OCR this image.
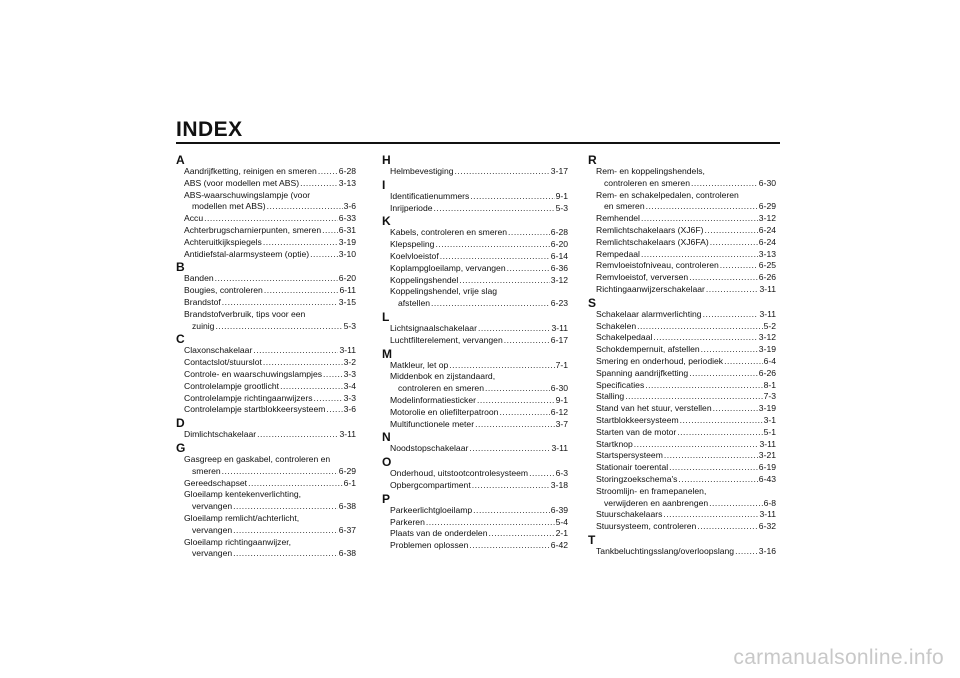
INDEX
A
Aandrijfketting, reinigen en smeren .....	6-28
ABS (voor modellen met ABS) .....	3-13
ABS-waarschuwingslampje (voor
modellen met ABS) .....	3-6
Accu .....	6-33
Achterbrugscharnierpunten, smeren ..... 6-31
Achteruitkijkspiegels .....	3-19
Antidiefstal-alarmsysteem (optie) .....	3-10
B
Banden .....	6-20
Bougies, controleren .....	6-11
Brandstof .....	3-15
Brandstofverbruik, tips voor een
zuinig .....	5-3
C
Claxonschakelaar .....	3-11
Contactslot/stuurslot .....	3-2
Controle- en waarschuwingslampjes .....	3-3
Controlelampje grootlicht .....	3-4
Controlelampje richtingaanwijzers .....	3-3
Controlelampje startblokkeersysteem ..... 3-6
D
Dimlichtschakelaar .....	3-11
G
Gasgreep en gaskabel, controleren en
smeren .....	6-29
Gereedschapset .....	6-1
Gloeilamp kentekenverlichting,
vervangen .....	6-38
Gloeilamp remlicht/achterlicht,
vervangen .....	6-37
Gloeilamp richtingaanwijzer,
vervangen .....	6-38
H
Helmbevestiging .....	3-17
I
Identificatienummers .....	9-1
Inrijperiode .....	5-3
K
Kabels, controleren en smeren .....	6-28
Klepspeling .....	6-20
Koelvloeistof .....	6-14
Koplampgloeilamp, vervangen .....	6-36
Koppelingshendel .....	3-12
Koppelingshendel, vrije slag
afstellen .....	6-23
L
Lichtsignaalschakelaar .....	3-11
Luchtfilterelement, vervangen .....	6-17
M
Matkleur, let op .....	7-1
Middenbok en zijstandaard,
controleren en smeren .....	6-30
Modelinformatiesticker .....	9-1
Motorolie en oliefilterpatroon .....	6-12
Multifunctionele meter .....	3-7
N
Noodstopschakelaar .....	3-11
O
Onderhoud, uitstootcontrolesysteem .....	6-3
Opbergcompartiment .....	3-18
P
Parkeerlichtgloeilamp .....	6-39
Parkeren .....	5-4
Plaats van de onderdelen .....	2-1
Problemen oplossen .....	6-42
R
Rem- en koppelingshendels,
controleren en smeren .....	6-30
Rem- en schakelpedalen, controleren
en smeren .....	6-29
Remhendel .....	3-12
Remlichtschakelaars (XJ6F) .....	6-24
Remlichtschakelaars (XJ6FA) .....	6-24
Rempedaal .....	3-13
Remvloeistofniveau, controleren .....	6-25
Remvloeistof, verversen .....	6-26
Richtingaanwijzerschakelaar .....	3-11
S
Schakelaar alarmverlichting .....	3-11
Schakelen .....	5-2
Schakelpedaal .....	3-12
Schokdempernuit, afstellen .....	3-19
Smering en onderhoud, periodiek .....	6-4
Spanning aandrijfketting .....	6-26
Specificaties .....	8-1
Stalling .....	7-3
Stand van het stuur, verstellen .....	3-19
Startblokkeersysteem .....	3-1
Starten van de motor .....	5-1
Startknop .....	3-11
Startspersysteem .....	3-21
Stationair toerental .....	6-19
Storingzoekschema's .....	6-43
Stroomlijn- en framepanelen,
verwijderen en aanbrengen .....	6-8
Stuurschakelaars .....	3-11
Stuursysteem, controleren .....	6-32
T
Tankbeluchtingsslang/overloopslang .....	3-16
carmanualsonline.info
